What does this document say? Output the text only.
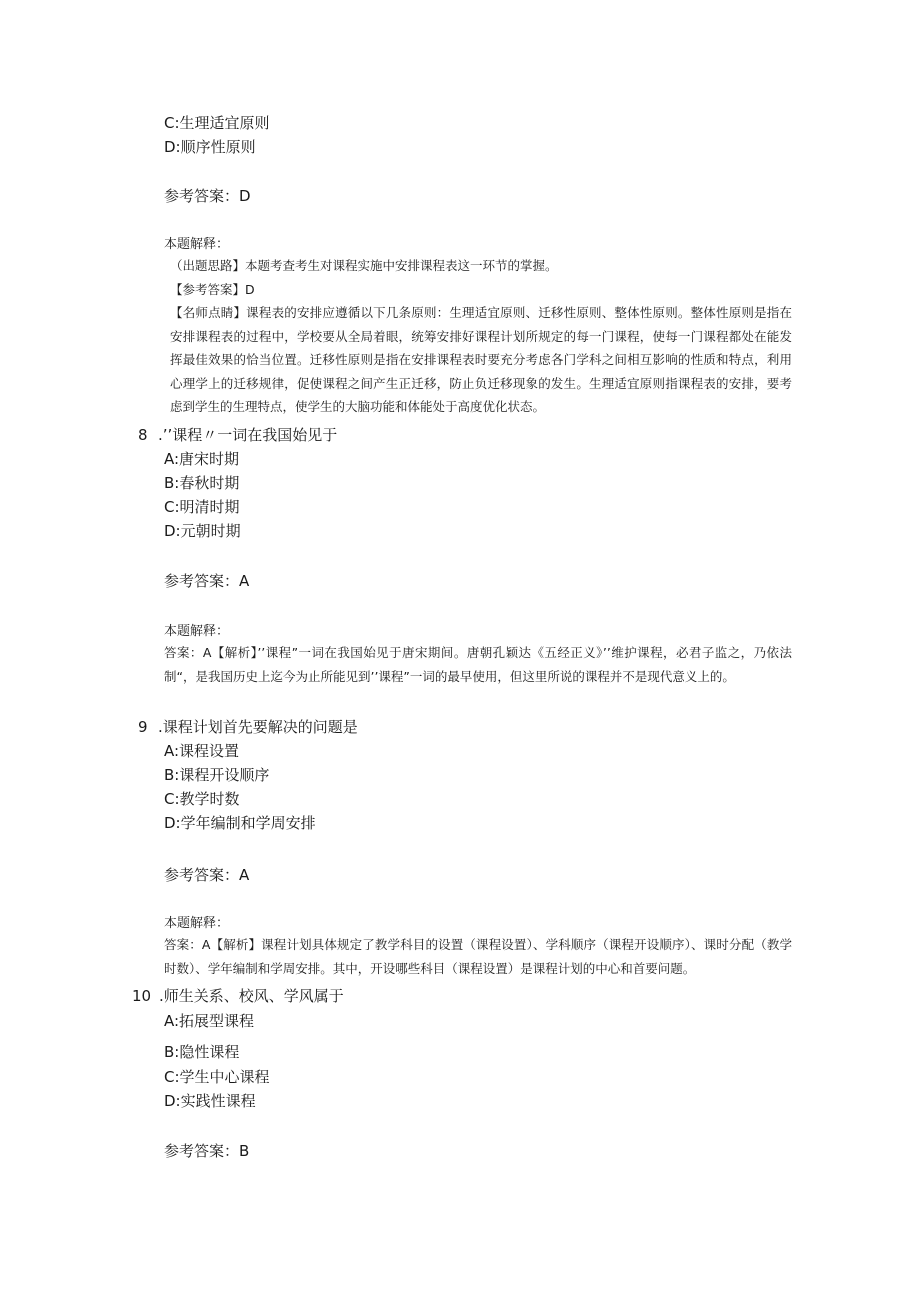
C:生理适宜原则
D:顺序性原则
参考答案：D
本题解释：

（出题思路】本题考查考生对课程实施中安排课程表这一环节的掌握。

【参考答案】D

【名师点睛】课程表的安排应遵循以下几条原则：生理适宜原则、迁移性原则、整体性原则。整体性原则是指在安排课程表的过程中，学校要从全局着眼，统筹安排好课程计划所规定的每一门课程，使每一门课程都处在能发挥最佳效果的恰当位置。迁移性原则是指在安排课程表时要充分考虑各门学科之间相互影响的性质和特点，利用心理学上的迁移规律，促使课程之间产生正迁移，防止负迁移现象的发生。生理适宜原则指课程表的安排，要考虑到学生的生理特点，使学生的大脑功能和体能处于高度优化状态。

8 .’’课程〃一词在我国始见于
A:唐宋时期
B:春秋时期
C:明清时期
D:元朝时期
参考答案：A
本题解释：
答案：A【解析】’’课程”一词在我国始见于唐宋期间。唐朝孔颖达《五经正义》’’维护课程，必君子监之，乃依法制“，是我国历史上迄今为止所能见到’’课程”一词的最早使用，但这里所说的课程并不是现代意义上的。
9 .课程计划首先要解决的问题是
A:课程设置
B:课程开设顺序
C:教学时数
D:学年编制和学周安排
参考答案：A
本题解释：
答案：A【解析】课程计划具体规定了教学科目的设置（课程设置）、学科顺序（课程开设顺序）、课时分配（教学时数）、学年编制和学周安排。其中，开设哪些科目（课程设置）是课程计划的中心和首要问题。
10 .师生关系、校风、学风属于
A:拓展型课程
B:隐性课程
C:学生中心课程
D:实践性课程
参考答案：B
